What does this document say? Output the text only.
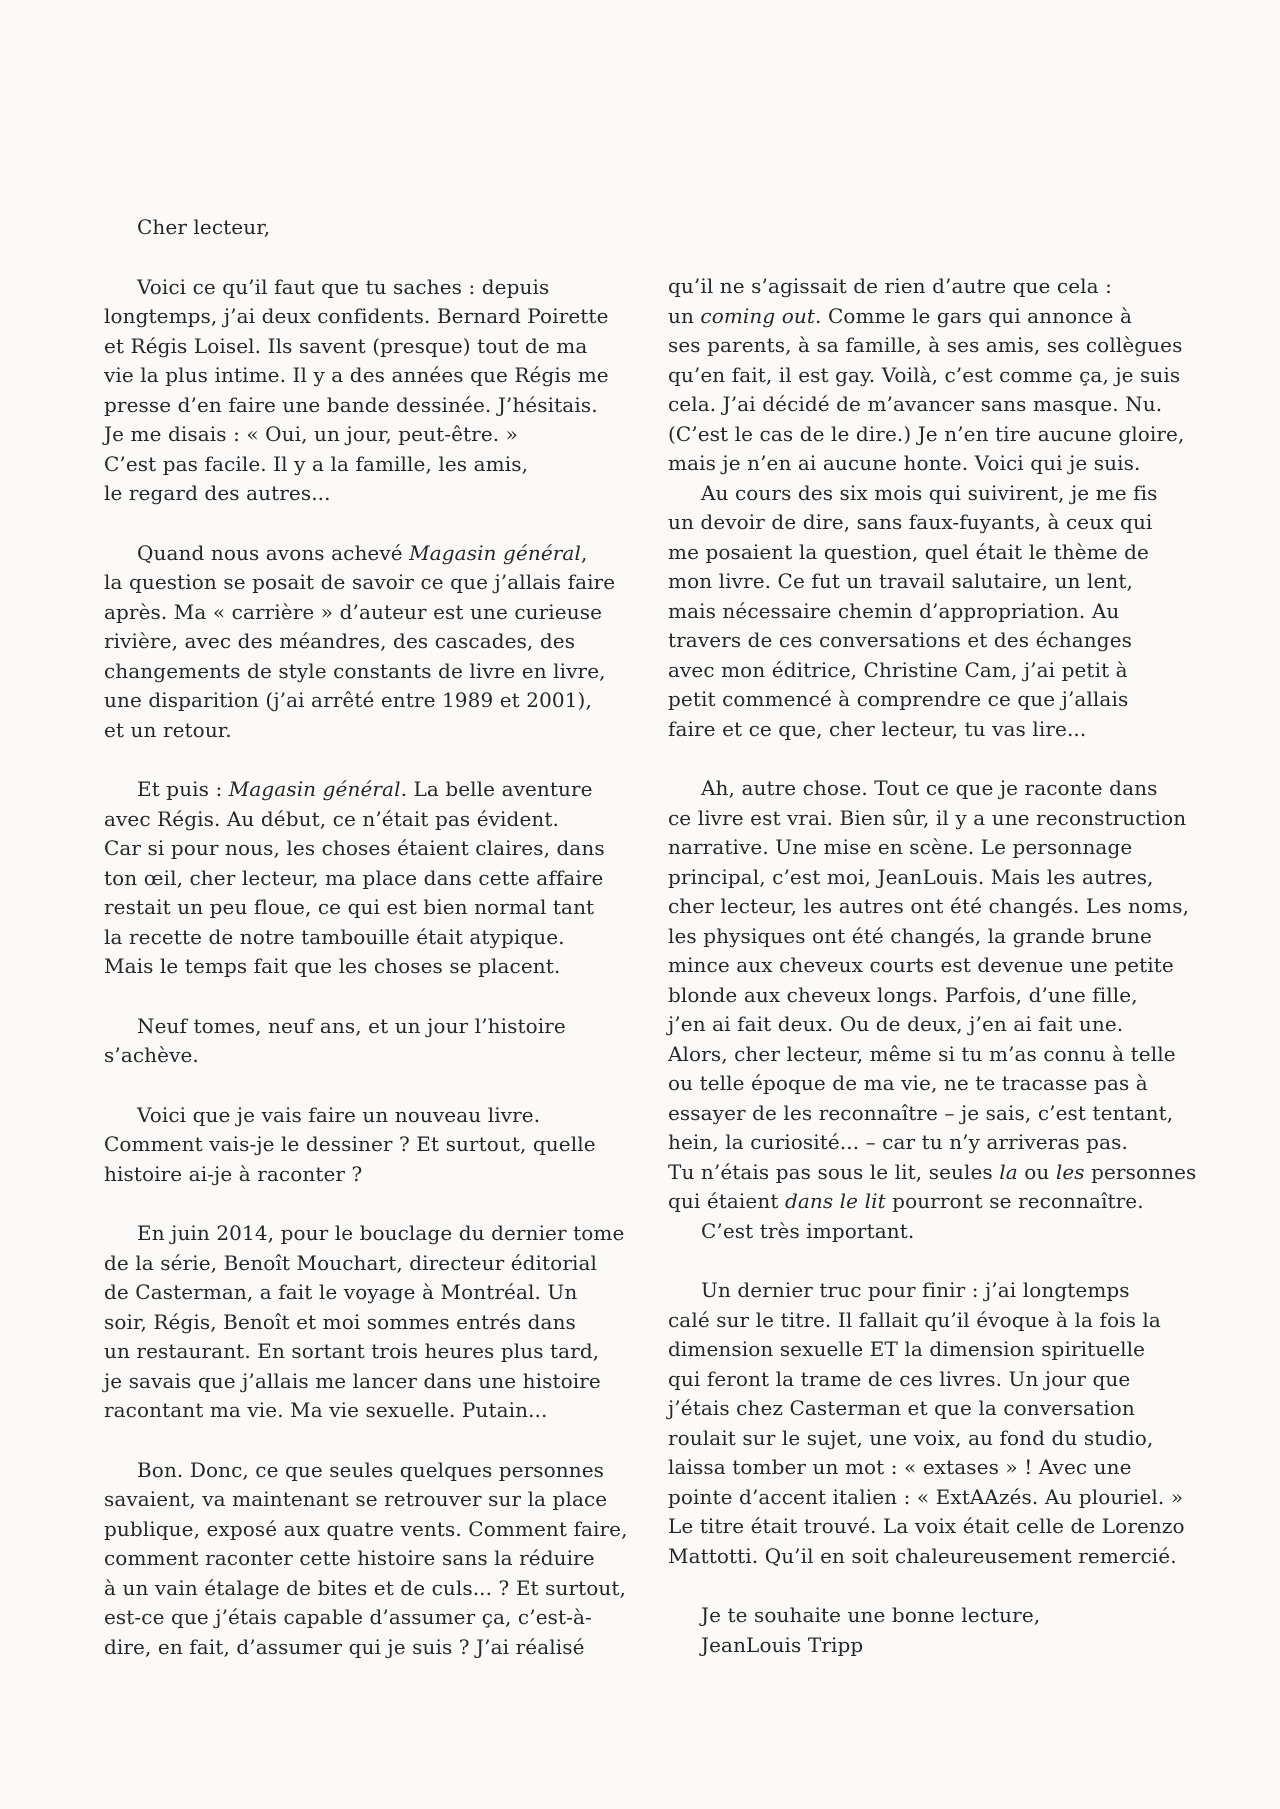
Cher lecteur,

Voici ce qu’il faut que tu saches : depuis
longtemps, j’ai deux confidents. Bernard Poirette
et Régis Loisel. Ils savent (presque) tout de ma
vie la plus intime. Il y a des années que Régis me
presse d’en faire une bande dessinée. J’hésitais.
Je me disais : « Oui, un jour, peut-être. »
C’est pas facile. Il y a la famille, les amis,
le regard des autres...

Quand nous avons achevé Magasin général,
la question se posait de savoir ce que j’allais faire
après. Ma « carrière » d’auteur est une curieuse
rivière, avec des méandres, des cascades, des
changements de style constants de livre en livre,
une disparition (j’ai arrêté entre 1989 et 2001),
et un retour.

Et puis : Magasin général. La belle aventure
avec Régis. Au début, ce n’était pas évident.
Car si pour nous, les choses étaient claires, dans
ton œil, cher lecteur, ma place dans cette affaire
restait un peu floue, ce qui est bien normal tant
la recette de notre tambouille était atypique.
Mais le temps fait que les choses se placent.

Neuf tomes, neuf ans, et un jour l’histoire
s’achève.

Voici que je vais faire un nouveau livre.
Comment vais-je le dessiner ? Et surtout, quelle
histoire ai-je à raconter ?

En juin 2014, pour le bouclage du dernier tome
de la série, Benoît Mouchart, directeur éditorial
de Casterman, a fait le voyage à Montréal. Un
soir, Régis, Benoît et moi sommes entrés dans
un restaurant. En sortant trois heures plus tard,
je savais que j’allais me lancer dans une histoire
racontant ma vie. Ma vie sexuelle. Putain...

Bon. Donc, ce que seules quelques personnes
savaient, va maintenant se retrouver sur la place
publique, exposé aux quatre vents. Comment faire,
comment raconter cette histoire sans la réduire
à un vain étalage de bites et de culs... ? Et surtout,
est-ce que j’étais capable d’assumer ça, c’est-à-
dire, en fait, d’assumer qui je suis ? J’ai réalisé

qu’il ne s’agissait de rien d’autre que cela :
un coming out. Comme le gars qui annonce à
ses parents, à sa famille, à ses amis, ses collègues
qu’en fait, il est gay. Voilà, c’est comme ça, je suis
cela. J’ai décidé de m’avancer sans masque. Nu.
(C’est le cas de le dire.) Je n’en tire aucune gloire,
mais je n’en ai aucune honte. Voici qui je suis.

Au cours des six mois qui suivirent, je me fis
un devoir de dire, sans faux-fuyants, à ceux qui
me posaient la question, quel était le thème de
mon livre. Ce fut un travail salutaire, un lent,
mais nécessaire chemin d’appropriation. Au
travers de ces conversations et des échanges
avec mon éditrice, Christine Cam, j’ai petit à
petit commencé à comprendre ce que j’allais
faire et ce que, cher lecteur, tu vas lire...

Ah, autre chose. Tout ce que je raconte dans
ce livre est vrai. Bien sûr, il y a une reconstruction
narrative. Une mise en scène. Le personnage
principal, c’est moi, JeanLouis. Mais les autres,
cher lecteur, les autres ont été changés. Les noms,
les physiques ont été changés, la grande brune
mince aux cheveux courts est devenue une petite
blonde aux cheveux longs. Parfois, d’une fille,
j’en ai fait deux. Ou de deux, j’en ai fait une.
Alors, cher lecteur, même si tu m’as connu à telle
ou telle époque de ma vie, ne te tracasse pas à
essayer de les reconnaître – je sais, c’est tentant,
hein, la curiosité... – car tu n’y arriveras pas.
Tu n’étais pas sous le lit, seules la ou les personnes
qui étaient dans le lit pourront se reconnaître.

C’est très important.

Un dernier truc pour finir : j’ai longtemps
calé sur le titre. Il fallait qu’il évoque à la fois la
dimension sexuelle ET la dimension spirituelle
qui feront la trame de ces livres. Un jour que
j’étais chez Casterman et que la conversation
roulait sur le sujet, une voix, au fond du studio,
laissa tomber un mot : « extases » ! Avec une
pointe d’accent italien : « ExtAAzés. Au plouriel. »
Le titre était trouvé. La voix était celle de Lorenzo
Mattotti. Qu’il en soit chaleureusement remercié.

Je te souhaite une bonne lecture,
JeanLouis Tripp
